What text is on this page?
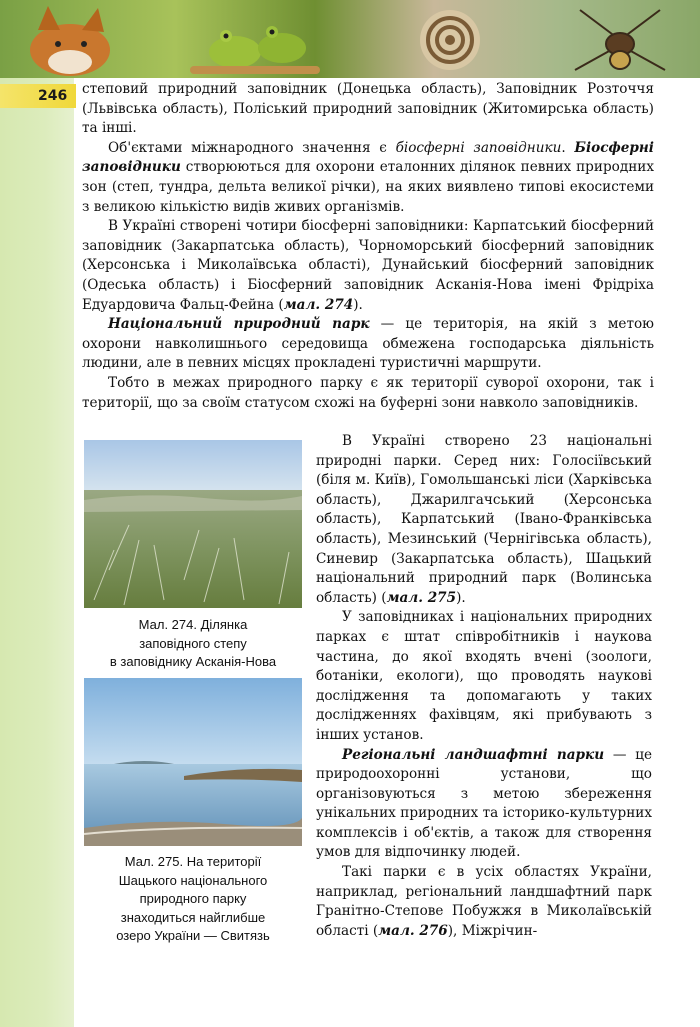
246	степовий природний заповідник (Донецька область), Заповідник Розточчя (Львівська область), Поліський природний заповідник (Житомирська область) та інші.

Об'єктами міжнародного значення є біосферні заповідники. Біосферні заповідники створюються для охорони еталонних ділянок певних природних зон (степ, тундра, дельта великої річки), на яких виявлено типові екосистеми з великою кількістю видів живих організмів.

В Україні створені чотири біосферні заповідники: Карпатський біосферний заповідник (Закарпатська область), Чорноморський біосферний заповідник (Херсонська і Миколаївська області), Дунайський біосферний заповідник (Одеська область) і Біосферний заповідник Асканія-Нова імені Фрідріха Едуардовича Фальц-Фейна (мал. 274).

Національний природний парк — це територія, на якій з метою охорони навколишнього середовища обмежена господарська діяльність людини, але в певних місцях прокладені туристичні маршрути.

Тобто в межах природного парку є як території суворої охорони, так і території, що за своїм статусом схожі на буферні зони навколо заповідників.

Мал. 274. Ділянка
заповідного степу
в заповіднику Асканія-Нова
Мал. 275. На території
Шацького національного
природного парку
знаходиться найглибше
озеро України — Свитязь

В Україні створено 23 національні природні парки. Серед них: Голосіївський (біля м. Київ), Гомольшанські ліси (Харківська область), Джарилгачський (Херсонська область), Карпатський (Івано-Франківська область), Мезинський (Чернігівська область), Синевир (Закарпатська область), Шацький національний природний парк (Волинська область) (мал. 275).

У заповідниках і національних природних парках є штат співробітників і наукова частина, до якої входять вчені (зоологи, ботаніки, екологи), що проводять наукові дослідження та допомагають у таких дослідженнях фахівцям, які прибувають з інших установ.

Регіональні ландшафтні парки — це природоохоронні установи, що організовуються з метою збереження унікальних природних та історико-культурних комплексів і об'єктів, а також для створення умов для відпочинку людей.

Такі парки є в усіх областях України, наприклад, регіональний ландшафтний парк Гранітно-Степове Побужжя в Миколаївській області (мал. 276), Міжрічин-
